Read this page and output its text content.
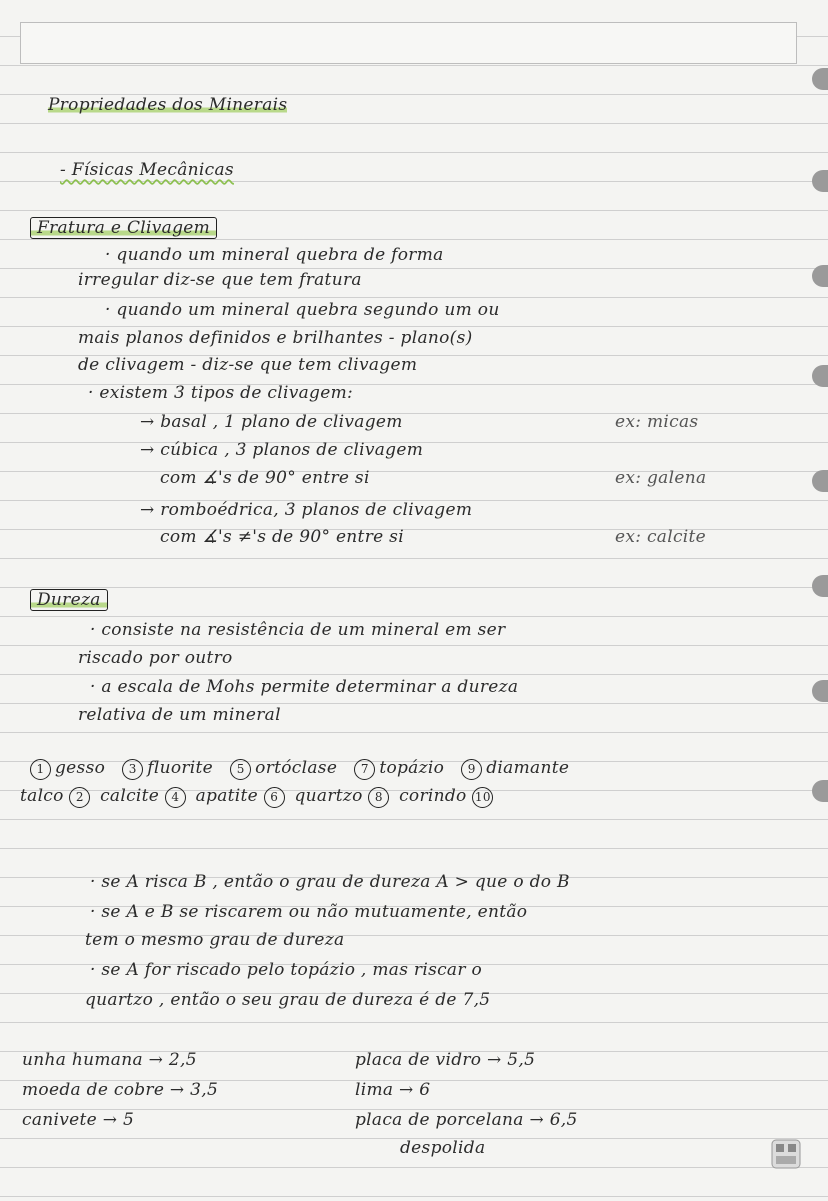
Propriedades dos Minerais
- Físicas Mecânicas
Fratura e Clivagem
· quando um mineral quebra de forma
irregular diz-se que tem fratura
· quando um mineral quebra segundo um ou
mais planos definidos e brilhantes - plano(s)
de clivagem - diz-se que tem clivagem
· existem 3 tipos de clivagem:
→ basal , 1 plano de clivagem	ex: micas
→ cúbica , 3 planos de clivagem
com ∡'s de 90° entre si	ex: galena
→ romboédrica, 3 planos de clivagem
com ∡'s ≠'s de 90° entre si	ex: calcite
Dureza
· consiste na resistência de um mineral em ser
riscado por outro
· a escala de Mohs permite determinar a dureza
relativa de um mineral
1 gesso 3 fluorite 5 ortóclase 7 topázio 9 diamante
talco 2 calcite 4 apatite 6 quartzo 8 corindo 10
· se A risca B , então o grau de dureza A > que o do B
· se A e B se riscarem ou não mutuamente, então
tem o mesmo grau de dureza
· se A for riscado pelo topázio , mas riscar o
quartzo , então o seu grau de dureza é de 7,5
unha humana → 2,5
moeda de cobre → 3,5
canivete → 5
placa de vidro → 5,5
lima → 6
placa de porcelana → 6,5
despolida
